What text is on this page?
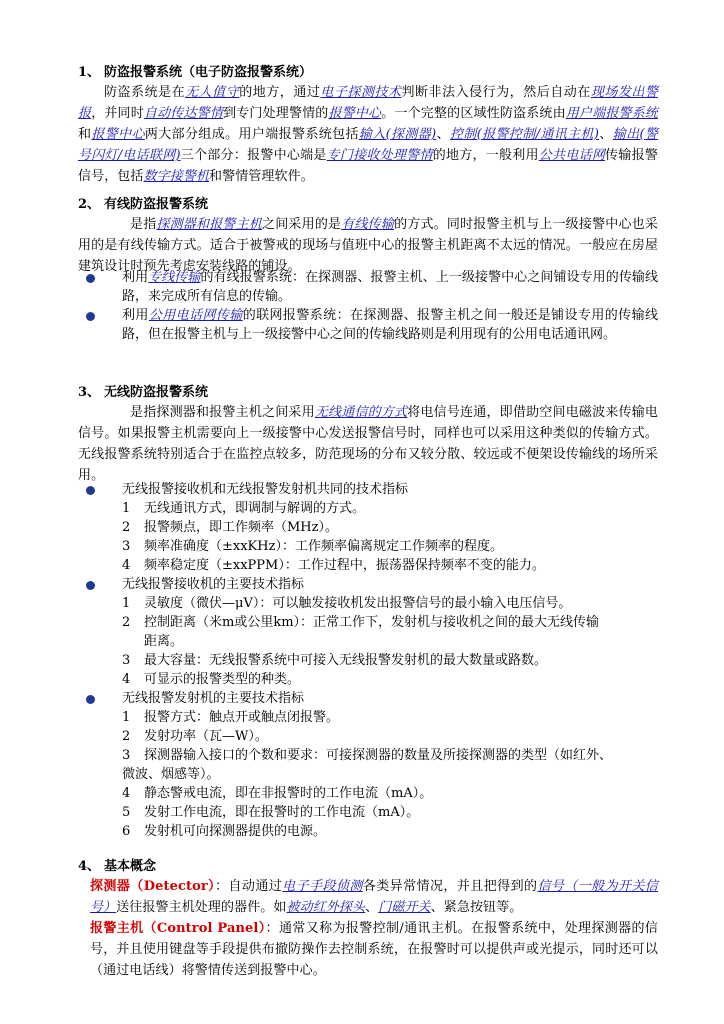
1、 防盗报警系统（电子防盗报警系统）
防盗系统是在无人值守的地方，通过电子探测技术判断非法入侵行为，然后自动在现场发出警报，并同时自动传达警情到专门处理警情的报警中心。一个完整的区域性防盗系统由用户端报警系统和报警中心两大部分组成。用户端报警系统包括输入(探测器)、控制(报警控制/通讯主机)、输出(警号闪灯/电话联网)三个部分：报警中心端是专门接收处理警情的地方，一般利用公共电话网传输报警信号，包括数字接警机和警情管理软件。
2、 有线防盗报警系统
是指探测器和报警主机之间采用的是有线传输的方式。同时报警主机与上一级接警中心也采用的是有线传输方式。适合于被警戒的现场与值班中心的报警主机距离不太远的情况。一般应在房屋建筑设计时预先考虑安装线路的铺设。
利用专线传输的有线报警系统：在探测器、报警主机、上一级接警中心之间铺设专用的传输线路，来完成所有信息的传输。
利用公用电话网传输的联网报警系统：在探测器、报警主机之间一般还是铺设专用的传输线路，但在报警主机与上一级接警中心之间的传输线路则是利用现有的公用电话通讯网。
3、 无线防盗报警系统
是指探测器和报警主机之间采用无线通信的方式将电信号连通，即借助空间电磁波来传输电信号。如果报警主机需要向上一级接警中心发送报警信号时，同样也可以采用这种类似的传输方式。无线报警系统特别适合于在监控点较多，防范现场的分布又较分散、较远或不便架设传输线的场所采用。
无线报警接收机和无线报警发射机共同的技术指标
1 无线通讯方式，即调制与解调的方式。
2 报警频点，即工作频率（MHz）。
3 频率准确度（±xxKHz）：工作频率偏离规定工作频率的程度。
4 频率稳定度（±xxPPM）：工作过程中，振荡器保持频率不变的能力。
无线报警接收机的主要技术指标
1 灵敏度（微伏—μV）：可以触发接收机发出报警信号的最小输入电压信号。
2 控制距离（米m或公里km）：正常工作下，发射机与接收机之间的最大无线传输
距离。
3 最大容量：无线报警系统中可接入无线报警发射机的最大数量或路数。
4 可显示的报警类型的种类。
无线报警发射机的主要技术指标
1 报警方式：触点开或触点闭报警。
2 发射功率（瓦—W）。
3 探测器输入接口的个数和要求：可接探测器的数量及所接探测器的类型（如红外、
微波、烟感等）。
4 静态警戒电流，即在非报警时的工作电流（mA）。
5 发射工作电流，即在报警时的工作电流（mA）。
6 发射机可向探测器提供的电源。
4、 基本概念
探测器（Detector）：自动通过电子手段侦测各类异常情况，并且把得到的信号（一般为开关信号）送往报警主机处理的器件。如被动红外探头、门磁开关、紧急按钮等。
报警主机（Control Panel）：通常又称为报警控制/通讯主机。在报警系统中，处理探测器的信号，并且使用键盘等手段提供布撤防操作去控制系统，在报警时可以提供声或光提示，同时还可以（通过电话线）将警情传送到报警中心。
